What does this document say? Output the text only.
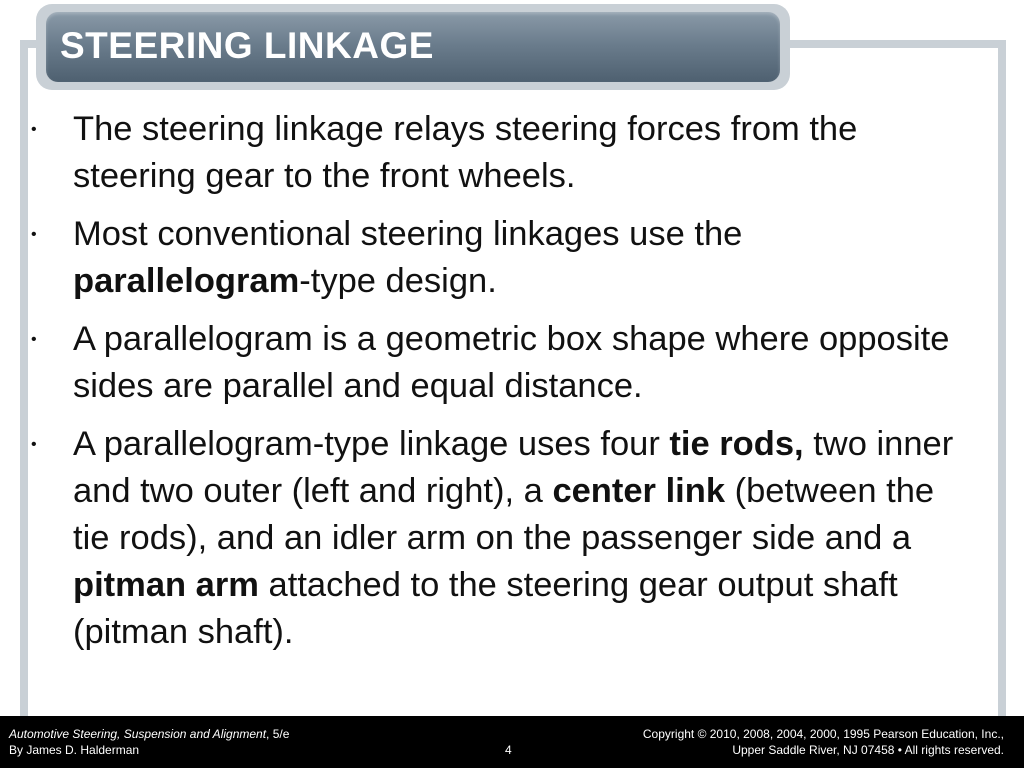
STEERING LINKAGE
• The steering linkage relays steering forces from the steering gear to the front wheels.
• Most conventional steering linkages use the parallelogram-type design.
• A parallelogram is a geometric box shape where opposite sides are parallel and equal distance.
• A parallelogram-type linkage uses four tie rods, two inner and two outer (left and right), a center link (between the tie rods), and an idler arm on the passenger side and a pitman arm attached to the steering gear output shaft (pitman shaft).
Automotive Steering, Suspension and Alignment, 5/e
By James D. Halderman	4
Copyright © 2010, 2008, 2004, 2000, 1995 Pearson Education, Inc.,
Upper Saddle River, NJ 07458 • All rights reserved.
